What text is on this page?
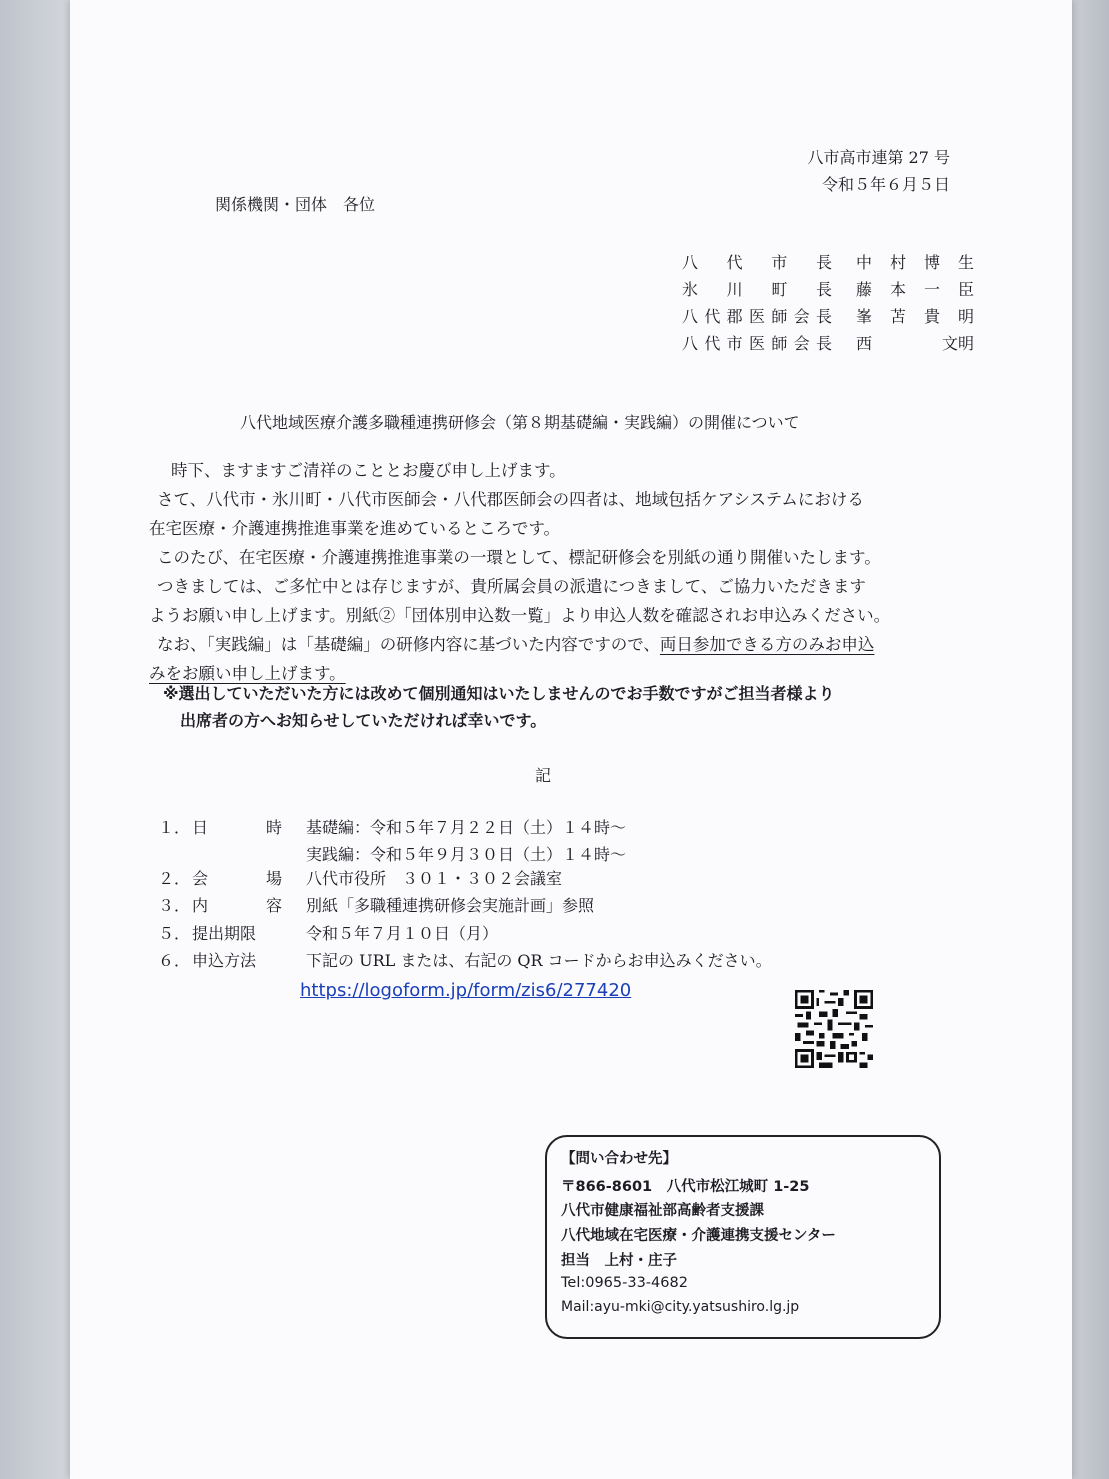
八市高市連第 27 号
令和５年６月５日
関係機関・団体　各位
八 代 市 長 中 村 博 生
氷 川 町 長 藤 本 一 臣
八 代 郡 医 師 会 長 峯 苫 貴 明
八 代 市 医 師 会 長 西	文明
八代地域医療介護多職種連携研修会（第８期基礎編・実践編）の開催について

時下、ますますご清祥のこととお慶び申し上げます。

さて、八代市・氷川町・八代市医師会・八代郡医師会の四者は、地域包括ケアシステムにおける

在宅医療・介護連携推進事業を進めているところです。

このたび、在宅医療・介護連携推進事業の一環として、標記研修会を別紙の通り開催いたします。

つきましては、ご多忙中とは存じますが、貴所属会員の派遣につきまして、ご協力いただきます

ようお願い申し上げます。別紙②「団体別申込数一覧」より申込人数を確認されお申込みください。

なお、「実践編」は「基礎編」の研修内容に基づいた内容ですので、両日参加できる方のみお申込

みをお願い申し上げます。

※選出していただいた方には改めて個別通知はいたしませんのでお手数ですがご担当者様より
出席者の方へお知らせしていただければ幸いです。
記
１． 日	時 基礎編：令和５年７月２２日（土）１４時～
実践編：令和５年９月３０日（土）１４時～
２． 会	場 八代市役所　３０１・３０２会議室
３． 内	容 別紙「多職種連携研修会実施計画」参照
５． 提出期限	令和５年７月１０日（月）
６． 申込方法	下記の URL または、右記の QR コードからお申込みください。
https://logoform.jp/form/zis6/277420
【問い合わせ先】
〒866-8601　八代市松江城町 1-25
八代市健康福祉部高齢者支援課
八代地域在宅医療・介護連携支援センター
担当　上村・庄子
Tel:0965-33-4682
Mail:ayu-mki@city.yatsushiro.lg.jp
